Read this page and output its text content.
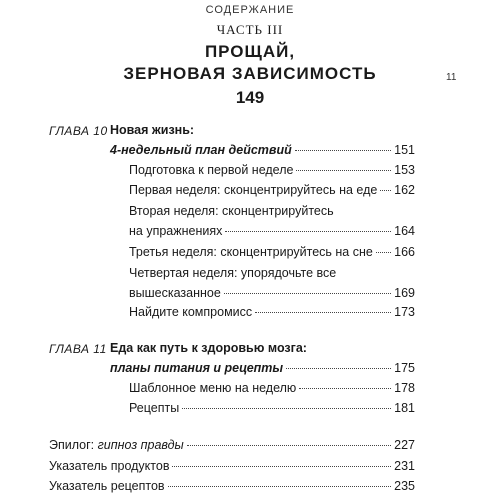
СОДЕРЖАНИЕ
11
ЧАСТЬ III
ПРОЩАЙ,
ЗЕРНОВАЯ ЗАВИСИМОСТЬ
149
ГЛАВА 10 Новая жизнь:
4-недельный план действий	151
Подготовка к первой неделе	153
Первая неделя: сконцентрируйтесь на еде 162
Вторая неделя: сконцентрируйтесь
на упражнениях	164
Третья неделя: сконцентрируйтесь на сне 166
Четвертая неделя: упорядочьте все
вышесказанное	169
Найдите компромисс	173
ГЛАВА 11 Еда как путь к здоровью мозга:
планы питания и рецепты	175
Шаблонное меню на неделю	178
Рецепты	181
Эпилог: гипноз правды	227
Указатель продуктов	231
Указатель рецептов	235
